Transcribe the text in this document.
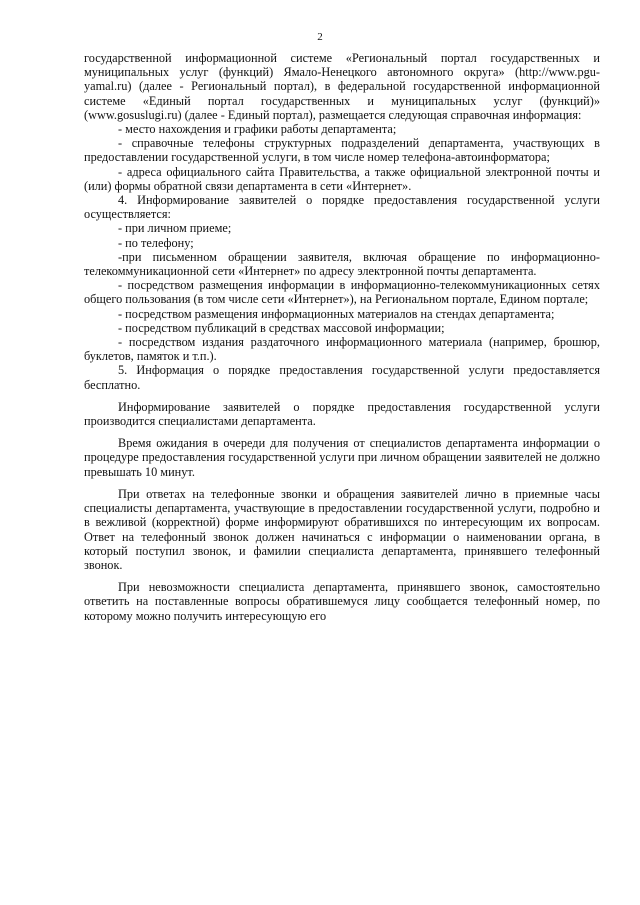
2

государственной информационной системе «Региональный портал государственных и муниципальных услуг (функций) Ямало-Ненецкого автономного округа» (http://www.pgu-yamal.ru) (далее - Региональный портал), в федеральной государственной информационной системе «Единый портал государственных и муниципальных услуг (функций)» (www.gosuslugi.ru) (далее - Единый портал), размещается следующая справочная информация:

- место нахождения и графики работы департамента;

- справочные телефоны структурных подразделений департамента, участвующих в предоставлении государственной услуги, в том числе номер телефона-автоинформатора;

- адреса официального сайта Правительства, а также официальной электронной почты и (или) формы обратной связи департамента в сети «Интернет».

4. Информирование заявителей о порядке предоставления государственной услуги осуществляется:

- при личном приеме;

- по телефону;

-при письменном обращении заявителя, включая обращение по информационно-телекоммуникационной сети «Интернет» по адресу электронной почты департамента.

- посредством размещения информации в информационно-телекоммуникационных сетях общего пользования (в том числе сети «Интернет»), на Региональном портале, Едином портале;

- посредством размещения информационных материалов на стендах департамента;

- посредством публикаций в средствах массовой информации;

- посредством издания раздаточного информационного материала (например, брошюр, буклетов, памяток и т.п.).

5. Информация о порядке предоставления государственной услуги предоставляется бесплатно.

Информирование заявителей о порядке предоставления государственной услуги производится специалистами департамента.

Время ожидания в очереди для получения от специалистов департамента информации о процедуре предоставления государственной услуги при личном обращении заявителей не должно превышать 10 минут.

При ответах на телефонные звонки и обращения заявителей лично в приемные часы специалисты департамента, участвующие в предоставлении государственной услуги, подробно и в вежливой (корректной) форме информируют обратившихся по интересующим их вопросам. Ответ на телефонный звонок должен начинаться с информации о наименовании органа, в который поступил звонок, и фамилии специалиста департамента, принявшего телефонный звонок.

При невозможности специалиста департамента, принявшего звонок, самостоятельно ответить на поставленные вопросы обратившемуся лицу сообщается телефонный номер, по которому можно получить интересующую его
